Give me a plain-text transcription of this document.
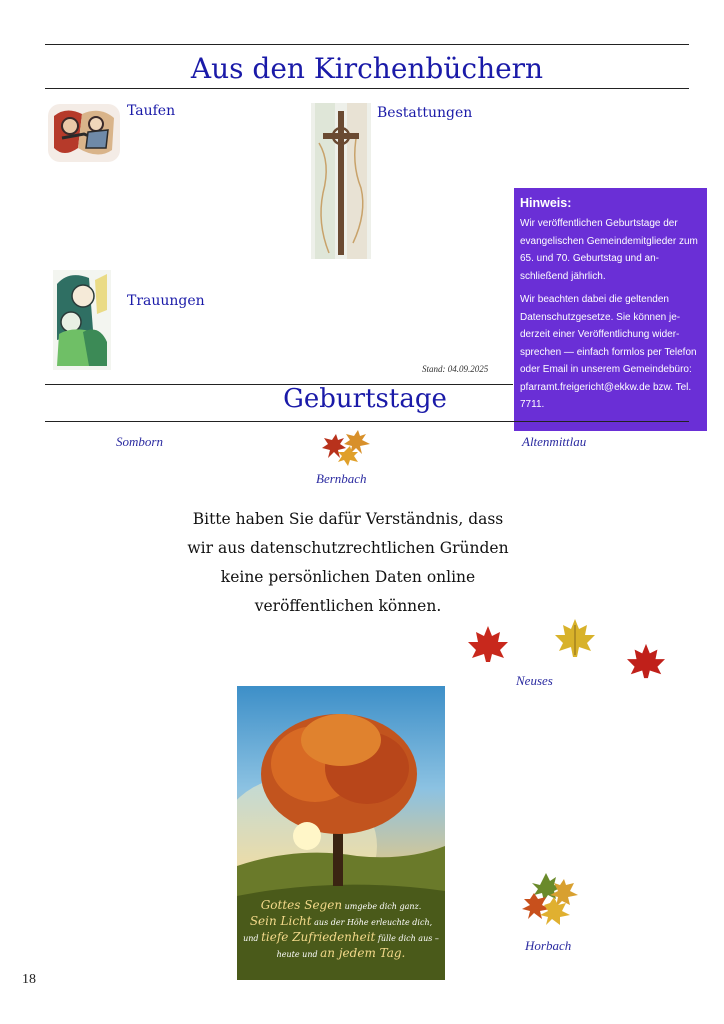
Aus den Kirchenbüchern
Taufen	Bestattungen
Trauungen
Stand: 04.09.2025
Hinweis:

Wir veröffentlichen Geburtstage der evangelischen Gemeindemitglieder zum 65. und 70. Geburtstag und anschließend jährlich.

Wir beachten dabei die geltenden Datenschutzgesetze. Sie können jederzeit einer Veröffentlichung widersprechen — einfach formlos per Telefon oder Email in unserem Gemeindebüro: pfarramt.freigericht@ekkw.de bzw. Tel. 7711.

Geburtstage
Somborn
Bernbach
Altenmittlau
Bitte haben Sie dafür Verständnis, dass
wir aus datenschutzrechtlichen Gründen
keine persönlichen Daten online
veröffentlichen können.
Neuses
Gottes Segen umgebe dich ganz.
Sein Licht aus der Höhe erleuchte dich,
und tiefe Zufriedenheit fülle dich aus –
heute und an jedem Tag.	Horbach
18
